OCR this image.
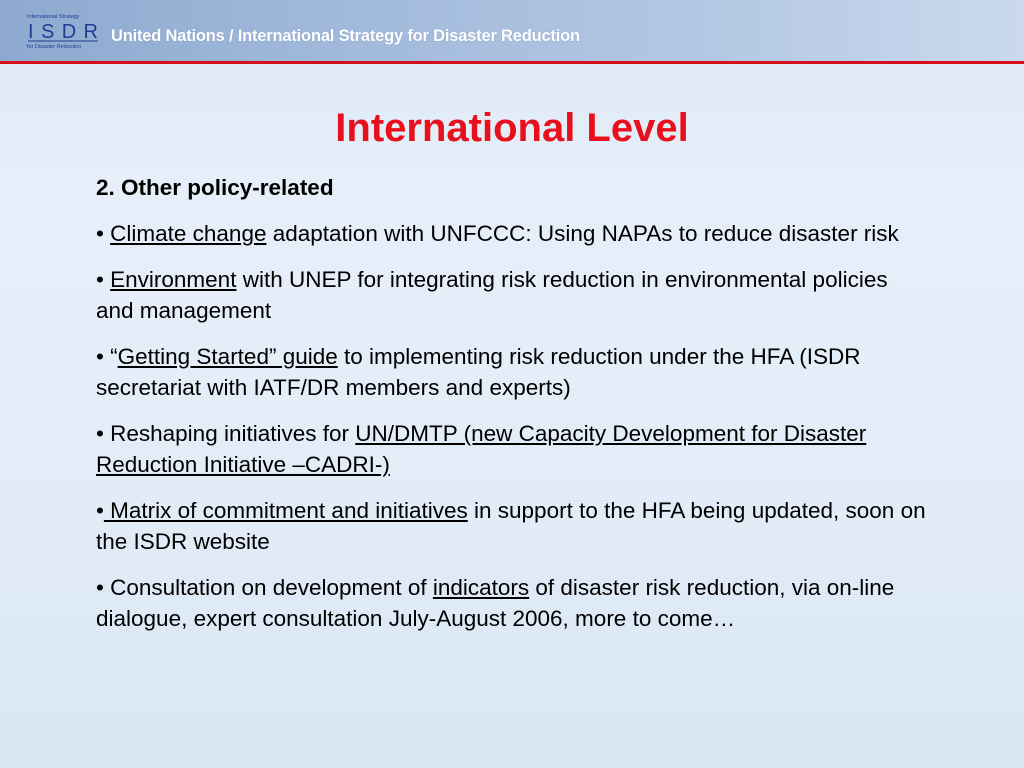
International Strategy
ISDR
for Disaster Reduction
United Nations / International Strategy for Disaster Reduction
International Level

2. Other policy-related

• Climate change adaptation with UNFCCC: Using NAPAs to reduce disaster risk

• Environment with UNEP for integrating risk reduction in environmental policies and management

• “Getting Started” guide to implementing risk reduction under the HFA (ISDR secretariat with IATF/DR members and experts)

• Reshaping initiatives for UN/DMTP (new Capacity Development for Disaster Reduction Initiative –CADRI-)

• Matrix of commitment and initiatives in support to the HFA being updated, soon on the ISDR website

• Consultation on development of indicators of disaster risk reduction, via on-line dialogue, expert consultation July-August 2006, more to come…
